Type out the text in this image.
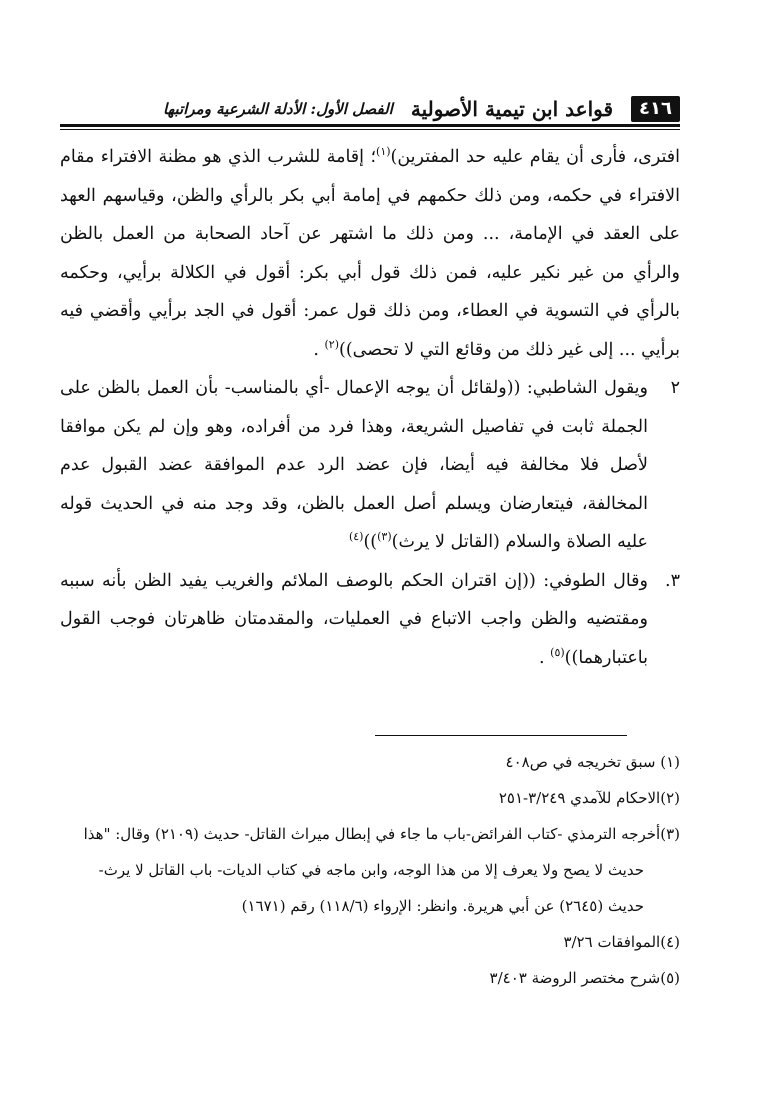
٤١٦
قواعد ابن تيمية الأصولية
الفصل الأول: الأدلة الشرعية ومراتبها

افترى، فأرى أن يقام عليه حد المفترين)$^{(١)}$؛ إقامة للشرب الذي هو مظنة الافتراء مقام الافتراء في حكمه، ومن ذلك حكمهم في إمامة أبي بكر بالرأي والظن، وقياسهم العهد على العقد في الإمامة، ... ومن ذلك ما اشتهر عن آحاد الصحابة من العمل بالظن والرأي من غير نكير عليه، فمن ذلك قول أبي بكر: أقول في الكلالة برأيي، وحكمه بالرأي في التسوية في العطاء، ومن ذلك قول عمر: أقول في الجد برأيي وأقضي فيه برأيي ... إلى غير ذلك من وقائع التي لا تحصى))$^{(٢)}$ .

٢
ويقول الشاطبي: ((ولقائل أن يوجه الإعمال -أي بالمناسب- بأن العمل بالظن على الجملة ثابت في تفاصيل الشريعة، وهذا فرد من أفراده، وهو وإن لم يكن موافقا لأصل فلا مخالفة فيه أيضا، فإن عضد الرد عدم الموافقة عضد القبول عدم المخالفة، فيتعارضان ويسلم أصل العمل بالظن، وقد وجد منه في الحديث قوله عليه الصلاة والسلام (القاتل لا يرث)$^{(٣)}$))$^{(٤)}$
٣.
وقال الطوفي: ((إن اقتران الحكم بالوصف الملائم والغريب يفيد الظن بأنه سببه ومقتضيه والظن واجب الاتباع في العمليات، والمقدمتان ظاهرتان فوجب القول باعتبارهما))$^{(٥)}$ .

(١) سبق تخريجه في ص٤٠٨

(٢)الاحكام للآمدي ٣/٢٤٩-٢٥١

(٣)أخرجه الترمذي -كتاب الفرائض-باب ما جاء في إبطال ميراث القاتل- حديث (٢١٠٩) وقال: "هذا

حديث لا يصح ولا يعرف إلا من هذا الوجه، وابن ماجه في كتاب الديات- باب القاتل لا يرث-

حديث (٢٦٤٥) عن أبي هريرة. وانظر: الإرواء (١١٨/٦) رقم (١٦٧١)

(٤)الموافقات ٣/٢٦

(٥)شرح مختصر الروضة ٣/٤٠٣
